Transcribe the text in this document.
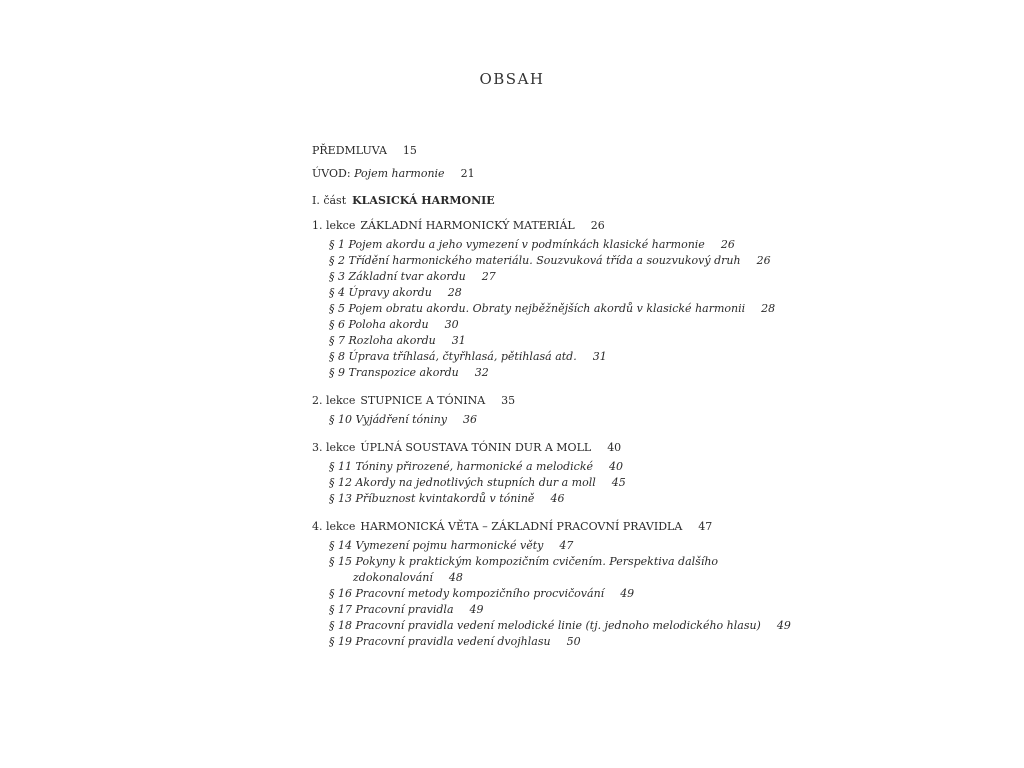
OBSAH
PŘEDMLUVA 15
ÚVOD: Pojem harmonie 21
I. část KLASICKÁ HARMONIE
1. lekce ZÁKLADNÍ HARMONICKÝ MATERIÁL 26
§ 1 Pojem akordu a jeho vymezení v podmínkách klasické harmonie 26
§ 2 Třídění harmonického materiálu. Souzvuková třída a souzvukový druh 26
§ 3 Základní tvar akordu 27
§ 4 Úpravy akordu 28
§ 5 Pojem obratu akordu. Obraty nejběžnějších akordů v klasické harmonii 28
§ 6 Poloha akordu 30
§ 7 Rozloha akordu 31
§ 8 Úprava tříhlasá, čtyřhlasá, pětihlasá atd. 31
§ 9 Transpozice akordu 32
2. lekce STUPNICE A TÓNINA 35
§ 10 Vyjádření tóniny 36
3. lekce ÚPLNÁ SOUSTAVA TÓNIN DUR A MOLL 40
§ 11 Tóniny přirozené, harmonické a melodické 40
§ 12 Akordy na jednotlivých stupních dur a moll 45
§ 13 Příbuznost kvintakordů v tónině 46
4. lekce HARMONICKÁ VĚTA – ZÁKLADNÍ PRACOVNÍ PRAVIDLA 47
§ 14 Vymezení pojmu harmonické věty 47
§ 15 Pokyny k praktickým kompozičním cvičením. Perspektiva dalšího
zdokonalování 48
§ 16 Pracovní metody kompozičního procvičování 49
§ 17 Pracovní pravidla 49
§ 18 Pracovní pravidla vedení melodické linie (tj. jednoho melodického hlasu) 49
§ 19 Pracovní pravidla vedení dvojhlasu 50
